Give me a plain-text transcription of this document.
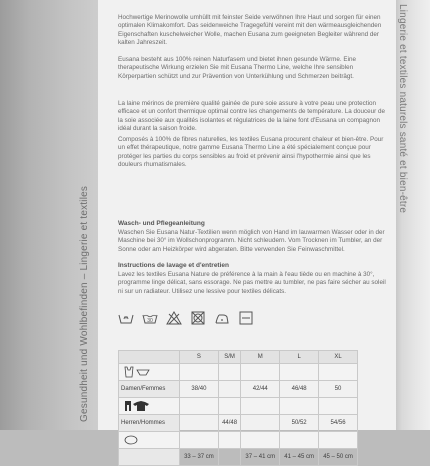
Gesundheit und Wohlbefinden – Lingerie et textiles

Hochwertige Merinowolle umhüllt mit feinster Seide verwöhnen Ihre Haut und sorgen für einen optimalen Klimakomfort. Das seidenweiche Tragegefühl vereint mit den wärmeausgleichenden Eigenschaften kuschelweicher Wolle, machen Eusana zum geeigneten Begleiter während der kalten Jahreszeit.

Eusana besteht aus 100% reinen Naturfasern und bietet ihnen gesunde Wärme. Eine therapeutische Wirkung erzielen Sie mit Eusana Thermo Line, welche Ihre sensiblen Körperpartien schützt und zur Prävention von Unterkühlung und Schmerzen beiträgt.

La laine mérinos de première qualité gainée de pure soie assure à votre peau une protection efficace et un confort thermique optimal contre les changements de température. La douceur de la soie associée aux qualités isolantes et régulatrices de la laine font d'Eusana un compagnon idéal durant la saison froide.

Composés à 100% de fibres naturelles, les textiles Eusana procurent chaleur et bien-être. Pour un effet thérapeutique, notre gamme Eusana Thermo Line a été spécialement conçue pour protéger les parties du corps sensibles au froid et prévenir ainsi l'hypothermie ainsi que les douleurs rhumatismales.

Wasch- und Pflegeanleitung

Waschen Sie Eusana Natur-Textilien wenn möglich von Hand im lauwarmen Wasser oder in der Maschine bei 30° im Wollschonprogramm. Nicht schleudern. Vom Trocknen im Tumbler, an der Sonne oder am Heizkörper wird abgeraten. Bitte verwenden Sie Feinwaschmittel.

Instructions de lavage et d'entretien

Lavez les textiles Eusana Nature de préférence à la main à l'eau tiède ou en machine à 30°, programme linge délicat, sans essorage. Ne pas mettre au tumbler, ne pas faire sécher au soleil ni sur un radiateur. Utilisez une lessive pour textiles délicats.

30
	S	S/M	M	L	XL

Damen/Femmes	38/40		42/44	46/48	50

Herren/Hommes		44/48		50/52	54/56

	33 – 37 cm		37 – 41 cm	41 – 45 cm	45 – 50 cm
Lingerie et textiles naturels santé et bien-être
